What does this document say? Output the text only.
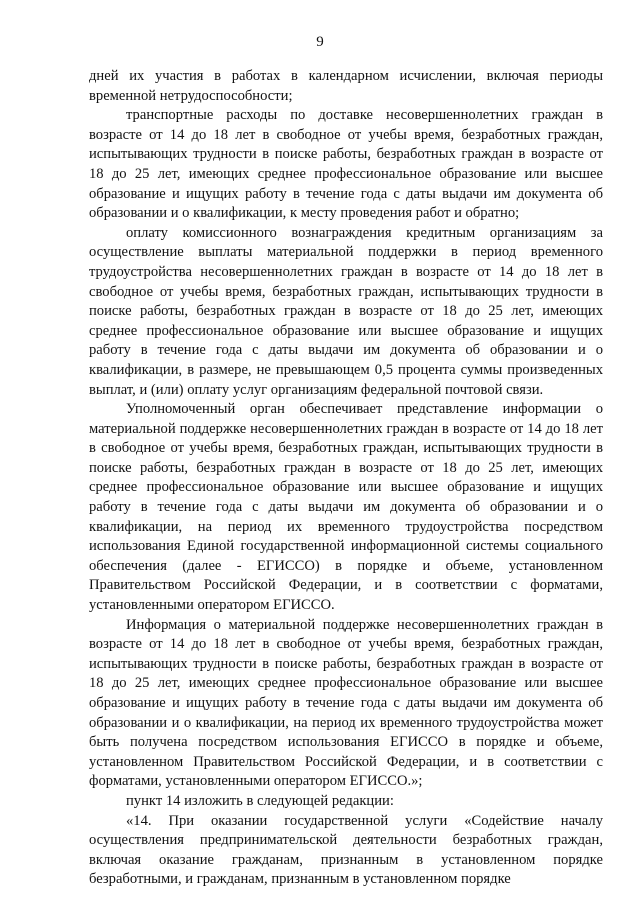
9

дней их участия в работах в календарном исчислении, включая периоды временной нетрудоспособности;

транспортные расходы по доставке несовершеннолетних граждан в возрасте от 14 до 18 лет в свободное от учебы время, безработных граждан, испытывающих трудности в поиске работы, безработных граждан в возрасте от 18 до 25 лет, имеющих среднее профессиональное образование или высшее образование и ищущих работу в течение года с даты выдачи им документа об образовании и о квалификации, к месту проведения работ и обратно;

оплату комиссионного вознаграждения кредитным организациям за осуществление выплаты материальной поддержки в период временного трудоустройства несовершеннолетних граждан в возрасте от 14 до 18 лет в свободное от учебы время, безработных граждан, испытывающих трудности в поиске работы, безработных граждан в возрасте от 18 до 25 лет, имеющих среднее профессиональное образование или высшее образование и ищущих работу в течение года с даты выдачи им документа об образовании и о квалификации, в размере, не превышающем 0,5 процента суммы произведенных выплат, и (или) оплату услуг организациям федеральной почтовой связи.

Уполномоченный орган обеспечивает представление информации о материальной поддержке несовершеннолетних граждан в возрасте от 14 до 18 лет в свободное от учебы время, безработных граждан, испытывающих трудности в поиске работы, безработных граждан в возрасте от 18 до 25 лет, имеющих среднее профессиональное образование или высшее образование и ищущих работу в течение года с даты выдачи им документа об образовании и о квалификации, на период их временного трудоустройства посредством использования Единой государственной информационной системы социального обеспечения (далее - ЕГИССО) в порядке и объеме, установленном Правительством Российской Федерации, и в соответствии с форматами, установленными оператором ЕГИССО.

Информация о материальной поддержке несовершеннолетних граждан в возрасте от 14 до 18 лет в свободное от учебы время, безработных граждан, испытывающих трудности в поиске работы, безработных граждан в возрасте от 18 до 25 лет, имеющих среднее профессиональное образование или высшее образование и ищущих работу в течение года с даты выдачи им документа об образовании и о квалификации, на период их временного трудоустройства может быть получена посредством использования ЕГИССО в порядке и объеме, установленном Правительством Российской Федерации, и в соответствии с форматами, установленными оператором ЕГИССО.»;

пункт 14 изложить в следующей редакции:

«14. При оказании государственной услуги «Содействие началу осуществления предпринимательской деятельности безработных граждан, включая оказание гражданам, признанным в установленном порядке безработными, и гражданам, признанным в установленном порядке
